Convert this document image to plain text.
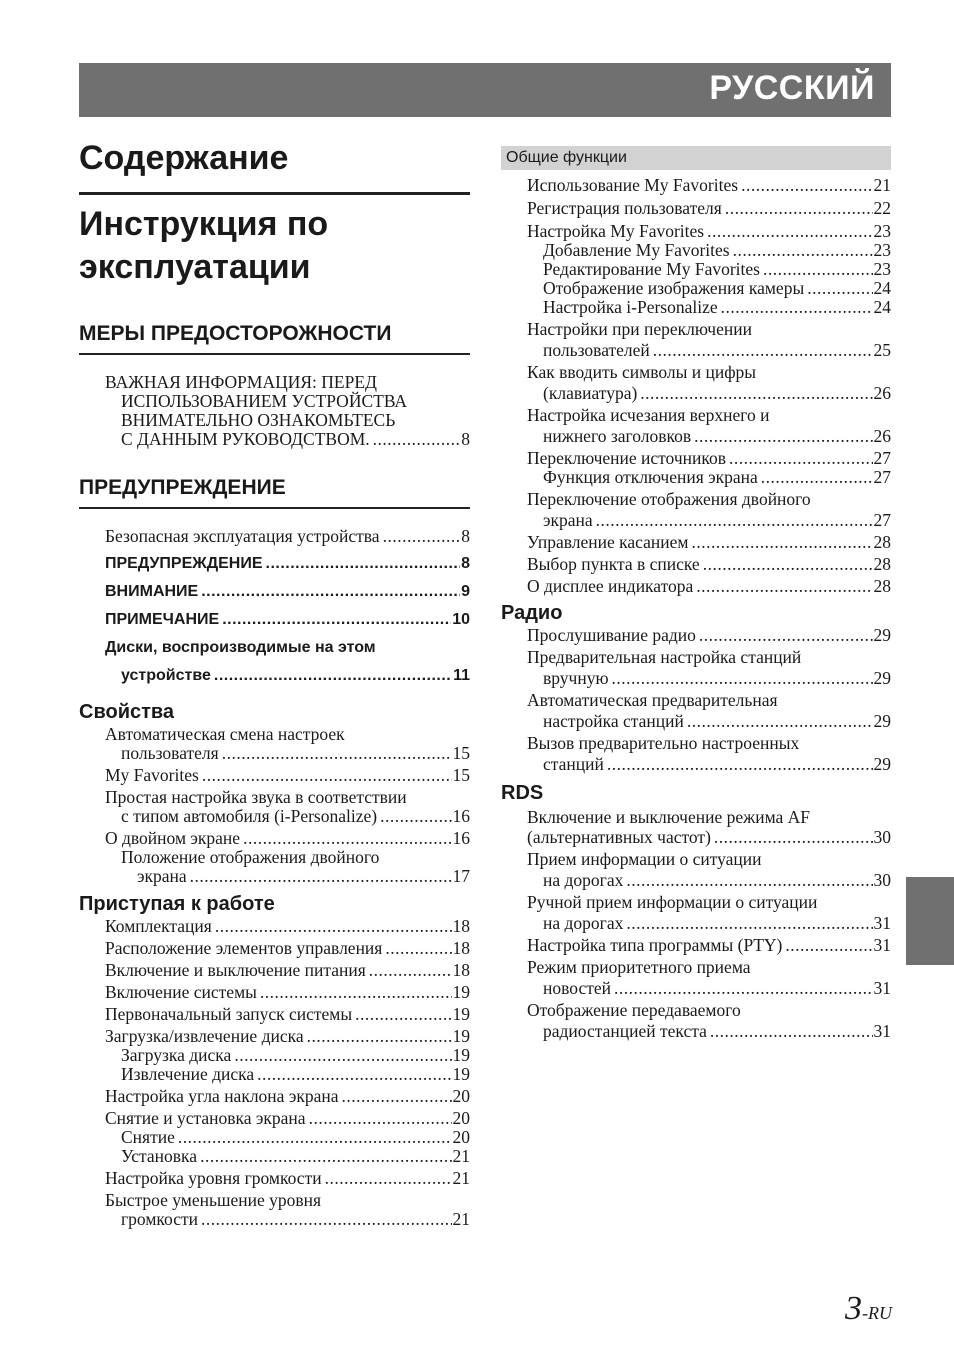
РУССКИЙ
Содержание
Инструкция по
эксплуатации
МЕРЫ ПРЕДОСТОРОЖНОСТИ
ВАЖНАЯ ИНФОРМАЦИЯ: ПЕРЕД
ИСПОЛЬЗОВАНИЕМ УСТРОЙСТВА
ВНИМАТЕЛЬНО ОЗНАКОМЬТЕСЬ
С ДАННЫМ РУКОВОДСТВОМ. .....	8
ПРЕДУПРЕЖДЕНИЕ
Безопасная эксплуатация устройства .....	8
ПРЕДУПРЕЖДЕНИЕ .....	8
ВНИМАНИЕ .....	9
ПРИМЕЧАНИЕ .....	10
Диски, воспроизводимые на этом
устройстве .....	11
Свойства
Автоматическая смена настроек
пользователя .....	15
My Favorites .....	15
Простая настройка звука в соответствии
с типом автомобиля (i-Personalize) .....	16
О двойном экране .....	16
Положение отображения двойного
экрана .....	17
Приступая к работе
Комплектация .....	18
Расположение элементов управления .....	18
Включение и выключение питания .....	18
Включение системы .....	19
Первоначальный запуск системы .....	19
Загрузка/извлечение диска .....	19
Загрузка диска .....	19
Извлечение диска .....	19
Настройка угла наклона экрана .....	20
Снятие и установка экрана .....	20
Снятие .....	20
Установка .....	21
Настройка уровня громкости .....	21
Быстрое уменьшение уровня
громкости .....	21
Общие функции
Использование My Favorites .....	21
Регистрация пользователя .....	22
Настройка My Favorites .....	23
Добавление My Favorites .....	23
Редактирование My Favorites .....	23
Отображение изображения камеры .....	24
Настройка i-Personalize .....	24
Настройки при переключении
пользователей .....	25
Как вводить символы и цифры
(клавиатура) .....	26
Настройка исчезания верхнего и
нижнего заголовков .....	26
Переключение источников .....	27
Функция отключения экрана .....	27
Переключение отображения двойного
экрана .....	27
Управление касанием .....	28
Выбор пункта в списке .....	28
О дисплее индикатора .....	28
Радио
Прослушивание радио .....	29
Предварительная настройка станций
вручную .....	29
Автоматическая предварительная
настройка станций .....	29
Вызов предварительно настроенных
станций .....	29
RDS
Включение и выключение режима AF
(альтернативных частот) .....	30
Прием информации о ситуации
на дорогах .....	30
Ручной прием информации о ситуации
на дорогах .....	31
Настройка типа программы (PTY) .....	31
Режим приоритетного приема
новостей .....	31
Отображение передаваемого
радиостанцией текста .....	31
3-RU
